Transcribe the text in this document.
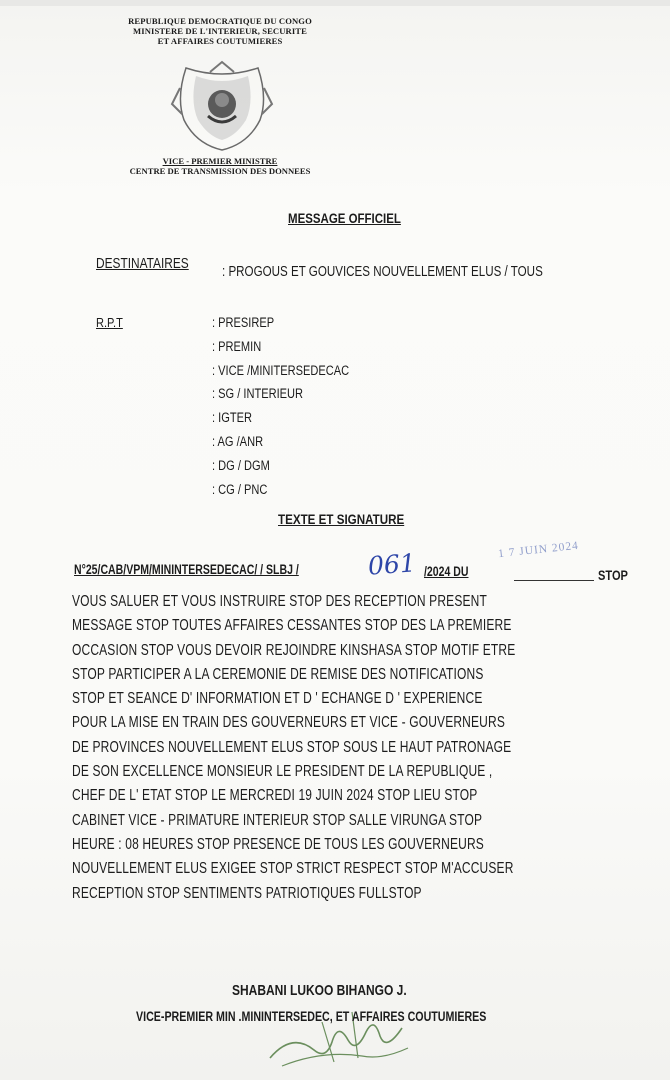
REPUBLIQUE DEMOCRATIQUE DU CONGO
MINISTERE DE L'INTERIEUR, SECURITE
ET AFFAIRES COUTUMIERES
VICE - PREMIER MINISTRE
CENTRE DE TRANSMISSION DES DONNEES
MESSAGE OFFICIEL
DESTINATAIRES : PROGOUS ET GOUVICES NOUVELLEMENT ELUS / TOUS
R.P.T	: PRESIREP
: PREMIN
: VICE /MINITERSEDECAC
: SG / INTERIEUR
: IGTER
: AG /ANR
: DG / DGM
: CG / PNC
TEXTE ET SIGNATURE
N°25/CAB/VPM/MININTERSEDECAC/ / SLBJ /	061 /2024 DU
1 7 JUIN 2024
STOP
VOUS SALUER ET VOUS INSTRUIRE STOP DES RECEPTION PRESENT
MESSAGE STOP TOUTES AFFAIRES CESSANTES STOP DES LA PREMIERE
OCCASION STOP VOUS DEVOIR REJOINDRE KINSHASA STOP MOTIF ETRE
STOP PARTICIPER A LA CEREMONIE DE REMISE DES NOTIFICATIONS
STOP ET SEANCE D' INFORMATION ET D ' ECHANGE D ' EXPERIENCE
POUR LA MISE EN TRAIN DES GOUVERNEURS ET VICE - GOUVERNEURS
DE PROVINCES NOUVELLEMENT ELUS STOP SOUS LE HAUT PATRONAGE
DE SON EXCELLENCE MONSIEUR LE PRESIDENT DE LA REPUBLIQUE ,
CHEF DE L' ETAT STOP LE MERCREDI 19 JUIN 2024 STOP LIEU STOP
CABINET VICE - PRIMATURE INTERIEUR STOP SALLE VIRUNGA STOP
HEURE : 08 HEURES STOP PRESENCE DE TOUS LES GOUVERNEURS
NOUVELLEMENT ELUS EXIGEE STOP STRICT RESPECT STOP M'ACCUSER
RECEPTION STOP SENTIMENTS PATRIOTIQUES FULLSTOP
SHABANI LUKOO BIHANGO J.
VICE-PREMIER MIN .MININTERSEDEC, ET AFFAIRES COUTUMIERES
